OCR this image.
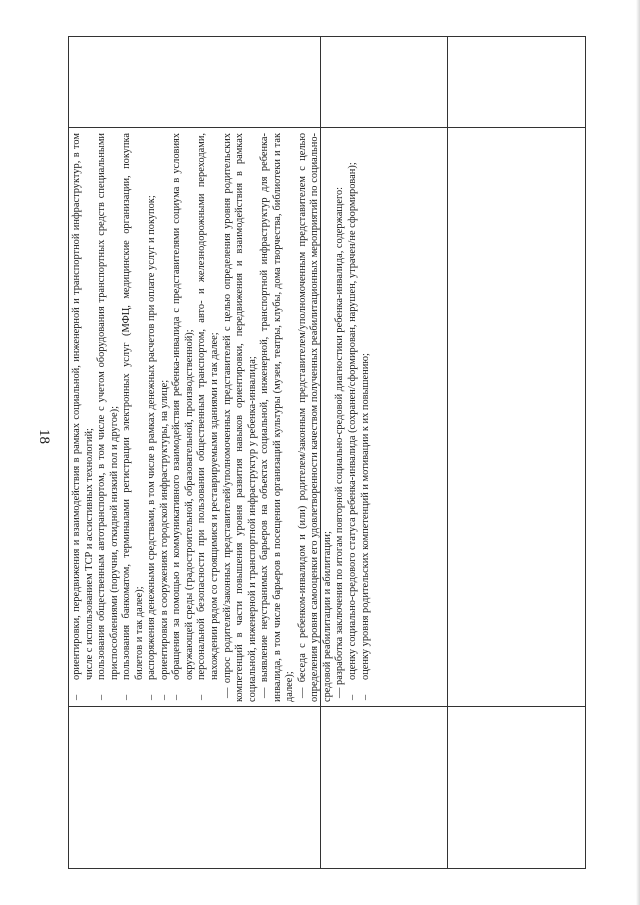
18

–
ориентировки, передвижения и взаимодействия в рамках социальной, инженерной и транспортной инфраструктур, в том числе с использованием ТСР и ассистивных технологий;

–
пользования общественным автотранспортом, в том числе с учетом оборудования транспортных средств специальными приспособлениями (поручни, откидной низкий пол и другое);

–
пользования банкоматом, терминалами регистрации электронных услуг (МФЦ, медицинские организации, покупка билетов и так далее);

–
распоряжения денежными средствами, в том числе в рамках денежных расчетов при оплате услуг и покупок;

–
ориентировки в сооружениях городской инфраструктуры, на улице;

–
обращения за помощью и коммуникативного взаимодействия ребенка-инвалида с представителями социума в условиях окружающей среды (градостроительной, образовательной, производственной);

–
персональной безопасности при пользовании общественным транспортом, авто- и железнодорожными переходами, нахождении рядом со строящимися и реставрируемыми зданиями и так далее;

— опрос родителей/законных представителей/уполномоченных представителей с целью определения уровня родительских компетенций в части повышения уровня развития навыков ориентировки, передвижения и взаимодействия в рамках социальной, инженерной и транспортной инфраструктур у ребенка-инвалида; — выявление неустранимых барьеров на объектах социальной, инженерной, транспортной инфраструктур для ребенка-инвалида, в том числе барьеров в посещении организаций культуры (музеи, театры, клубы, дома творчества, библиотеки и так далее); — беседа с ребенком-инвалидом и (или) родителем/законным представителем/уполномоченным представителем с целью определения уровня самооценки его удовлетворенности качеством полученных реабилитационных мероприятий по социально-средовой реабилитации и абилитации; — разработка заключения по итогам повторной социально-средовой диагностики ребенка-инвалида, содержащего:

–
оценку социально-средового статуса ребенка-инвалида (сохранен/сформирован, нарушен, утрачен/не сформирован);

–
оценку уровня родительских компетенций и мотивации к их повышению;
